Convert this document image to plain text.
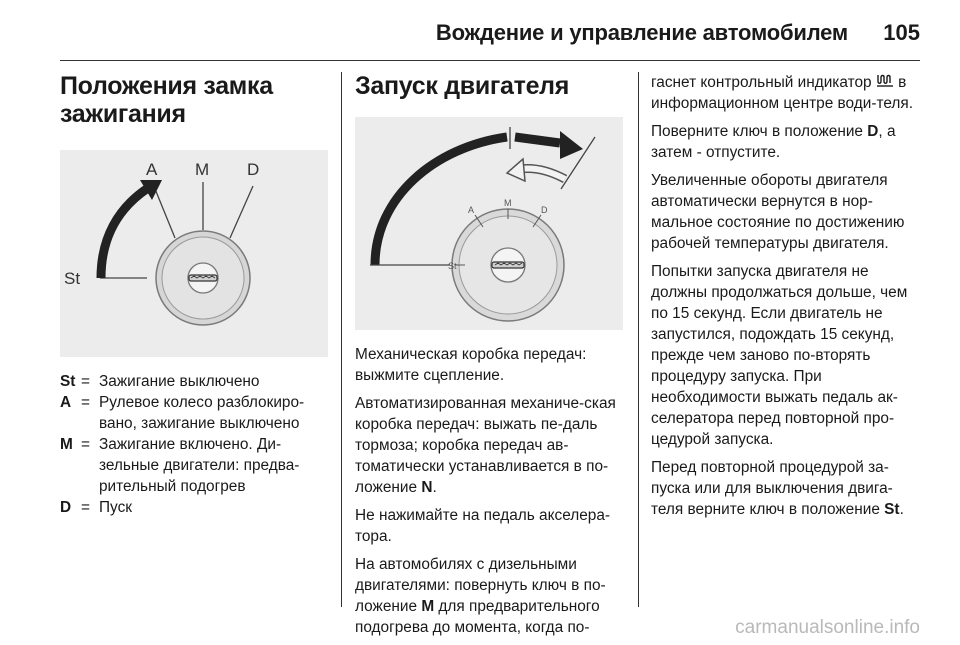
Вождение и управление автомобилем 105
Положения замка зажигания
A M D
St
St = Зажигание выключено
A = Рулевое колесо разблокиро-вано, зажигание выключено
M = Зажигание включено. Ди-зельные двигатели: предва-рительный подогрев
D = Пуск
Запуск двигателя
A
M
D
St

Механическая коробка передач: выжмите сцепление.

Автоматизированная механиче-ская коробка передач: выжать пе-даль тормоза; коробка передач ав-томатически устанавливается в по-ложение N.

Не нажимайте на педаль акселера-тора.

На автомобилях с дизельными двигателями: повернуть ключ в по-ложение M для предварительного подогрева до момента, когда по-

гаснет контрольный индикатор  в информационном центре води-теля.

Поверните ключ в положение D, а затем - отпустите.

Увеличенные обороты двигателя автоматически вернутся в нор-мальное состояние по достижению рабочей температуры двигателя.

Попытки запуска двигателя не должны продолжаться дольше, чем по 15 секунд. Если двигатель не запустился, подождать 15 секунд, прежде чем заново по-вторять процедуру запуска. При необходимости выжать педаль ак-селератора перед повторной про-цедурой запуска.

Перед повторной процедурой за-пуска или для выключения двига-теля верните ключ в положение St.

carmanualsonline.info
